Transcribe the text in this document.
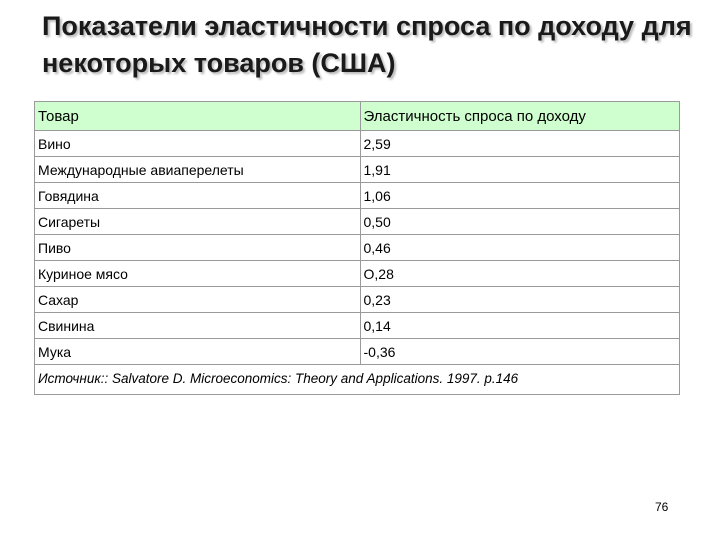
Показатели эластичности спроса по доходу для некоторых товаров (США)
Товар	Эластичность спроса по доходу
Вино	2,59
Международные авиаперелеты	1,91
Говядина	1,06
Сигареты	0,50
Пиво	0,46
Куриное мясо	О,28
Сахар	0,23
Свинина	0,14
Мука	-0,36
Источник:: Salvatore D. Microeconomics: Theory and Applications. 1997. p.146	
76
